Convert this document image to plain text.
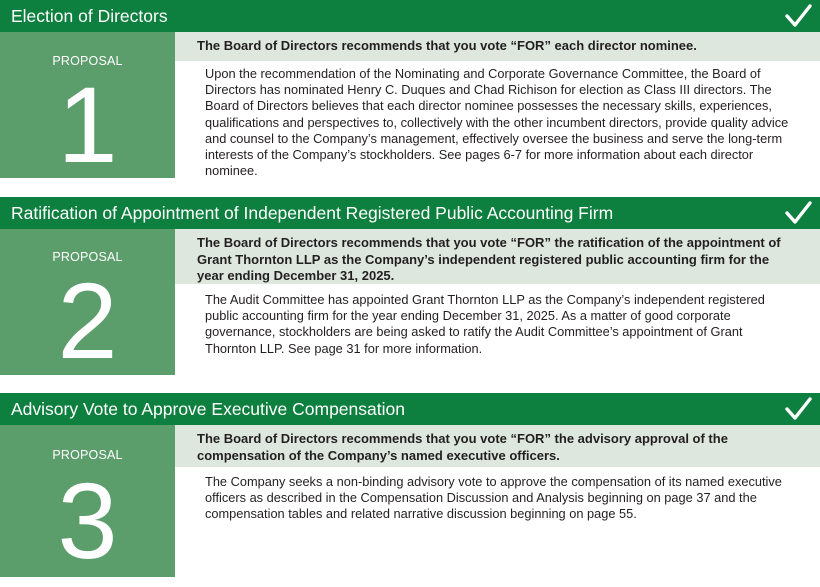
Election of Directors
PROPOSAL
1
The Board of Directors recommends that you vote “FOR” each director nominee.
Upon the recommendation of the Nominating and Corporate Governance Committee, the Board of Directors has nominated Henry C. Duques and Chad Richison for election as Class III directors. The Board of Directors believes that each director nominee possesses the necessary skills, experiences, qualifications and perspectives to, collectively with the other incumbent directors, provide quality advice and counsel to the Company’s management, effectively oversee the business and serve the long-term interests of the Company’s stockholders. See pages 6-7 for more information about each director nominee.
Ratification of Appointment of Independent Registered Public Accounting Firm
PROPOSAL
2
The Board of Directors recommends that you vote “FOR” the ratification of the appointment of Grant Thornton LLP as the Company’s independent registered public accounting firm for the year ending December 31, 2025.
The Audit Committee has appointed Grant Thornton LLP as the Company’s independent registered public accounting firm for the year ending December 31, 2025. As a matter of good corporate governance, stockholders are being asked to ratify the Audit Committee’s appointment of Grant Thornton LLP. See page 31 for more information.
Advisory Vote to Approve Executive Compensation
PROPOSAL
3
The Board of Directors recommends that you vote “FOR” the advisory approval of the compensation of the Company’s named executive officers.
The Company seeks a non-binding advisory vote to approve the compensation of its named executive officers as described in the Compensation Discussion and Analysis beginning on page 37 and the compensation tables and related narrative discussion beginning on page 55.
